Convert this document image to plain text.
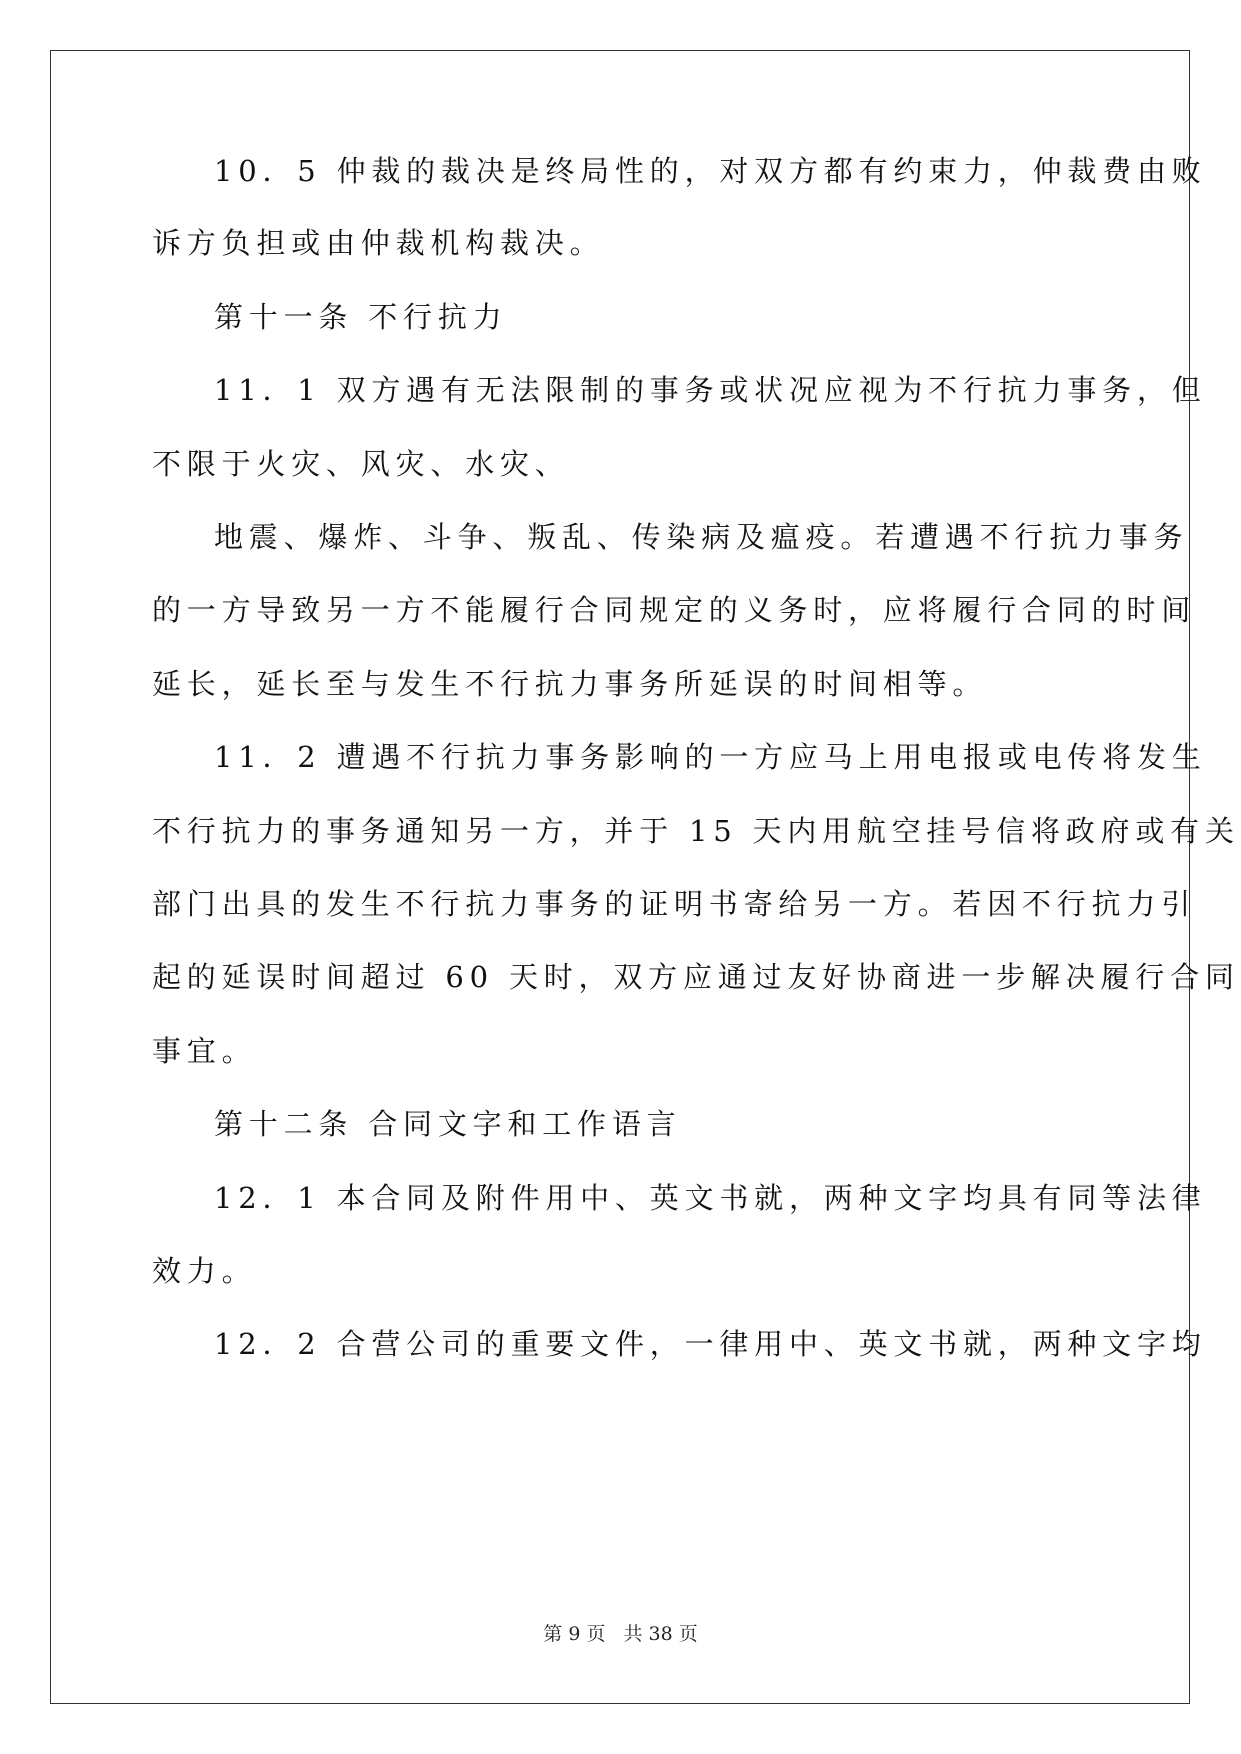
10．5 仲裁的裁决是终局性的，对双方都有约束力，仲裁费由败
诉方负担或由仲裁机构裁决。
第十一条 不行抗力
11．1 双方遇有无法限制的事务或状况应视为不行抗力事务，但
不限于火灾、风灾、水灾、
地震、爆炸、斗争、叛乱、传染病及瘟疫。若遭遇不行抗力事务
的一方导致另一方不能履行合同规定的义务时，应将履行合同的时间
延长，延长至与发生不行抗力事务所延误的时间相等。
11．2 遭遇不行抗力事务影响的一方应马上用电报或电传将发生
不行抗力的事务通知另一方，并于 15 天内用航空挂号信将政府或有关
部门出具的发生不行抗力事务的证明书寄给另一方。若因不行抗力引
起的延误时间超过 60 天时，双方应通过友好协商进一步解决履行合同
事宜。
第十二条 合同文字和工作语言
12．1 本合同及附件用中、英文书就，两种文字均具有同等法律
效力。
12．2 合营公司的重要文件，一律用中、英文书就，两种文字均
第 9 页 共 38 页
